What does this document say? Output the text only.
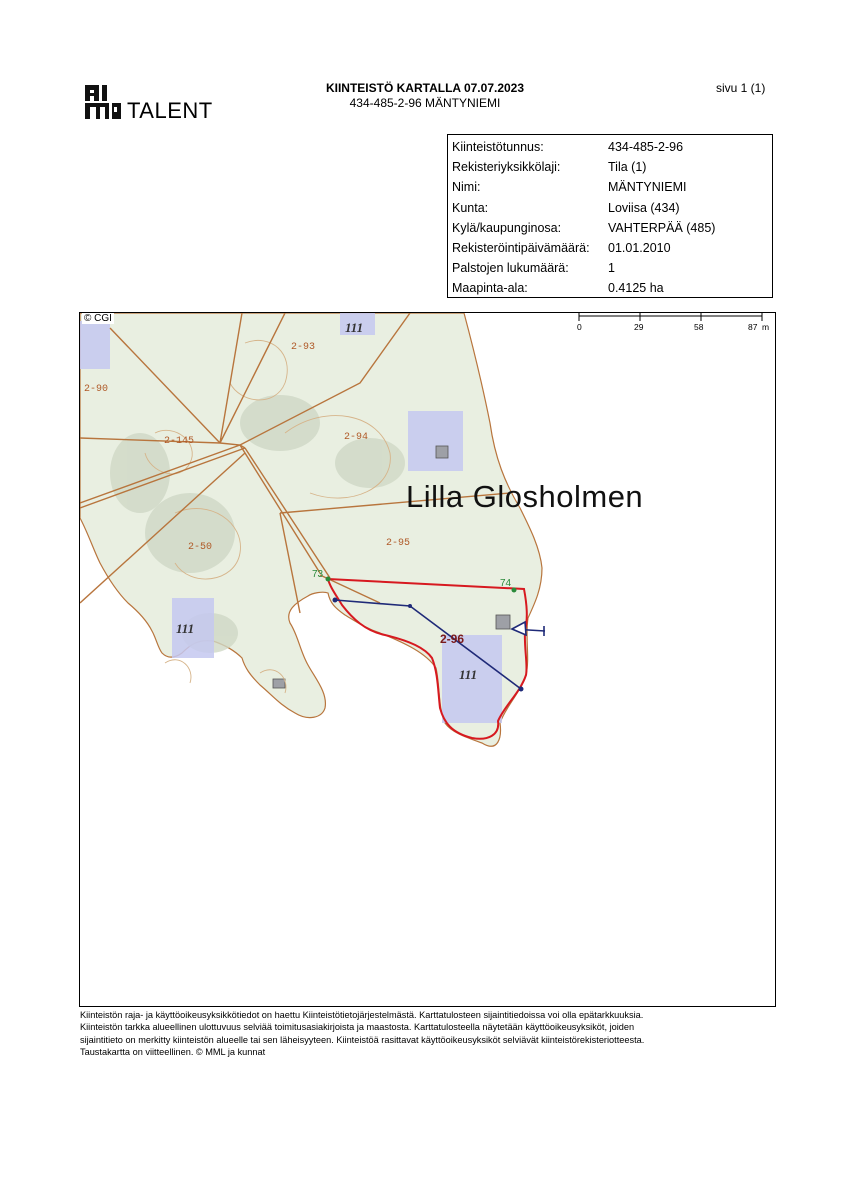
TALENT
KIINTEISTÖ KARTALLA 07.07.2023
434-485-2-96 MÄNTYNIEMI
sivu 1 (1)
Kiinteistötunnus:	434-485-2-96
Rekisteriyksikkölaji:	Tila (1)
Nimi:	MÄNTYNIEMI
Kunta:	Loviisa (434)
Kylä/kaupunginosa:	VAHTERPÄÄ (485)
Rekisteröintipäivämäärä:	01.01.2010
Palstojen lukumäärä:	1
Maapinta-ala:	0.4125 ha
2-93
2-90
2-145	2-94
2-50	2-95
2-96
73
74
111
111
111
0	29	58	87 m
© CGI
Lilla Glosholmen
Kiinteistön raja- ja käyttöoikeusyksikkötiedot on haettu Kiinteistötietojärjestelmästä. Karttatulosteen sijaintitiedoissa voi olla epätarkkuuksia.
Kiinteistön tarkka alueellinen ulottuvuus selviää toimitusasiakirjoista ja maastosta. Karttatulosteella näytetään käyttöoikeusyksiköt, joiden
sijaintitieto on merkitty kiinteistön alueelle tai sen läheisyyteen. Kiinteistöä rasittavat käyttöoikeusyksiköt selviävät kiinteistörekisteriotteesta.
Taustakartta on viitteellinen. © MML ja kunnat
